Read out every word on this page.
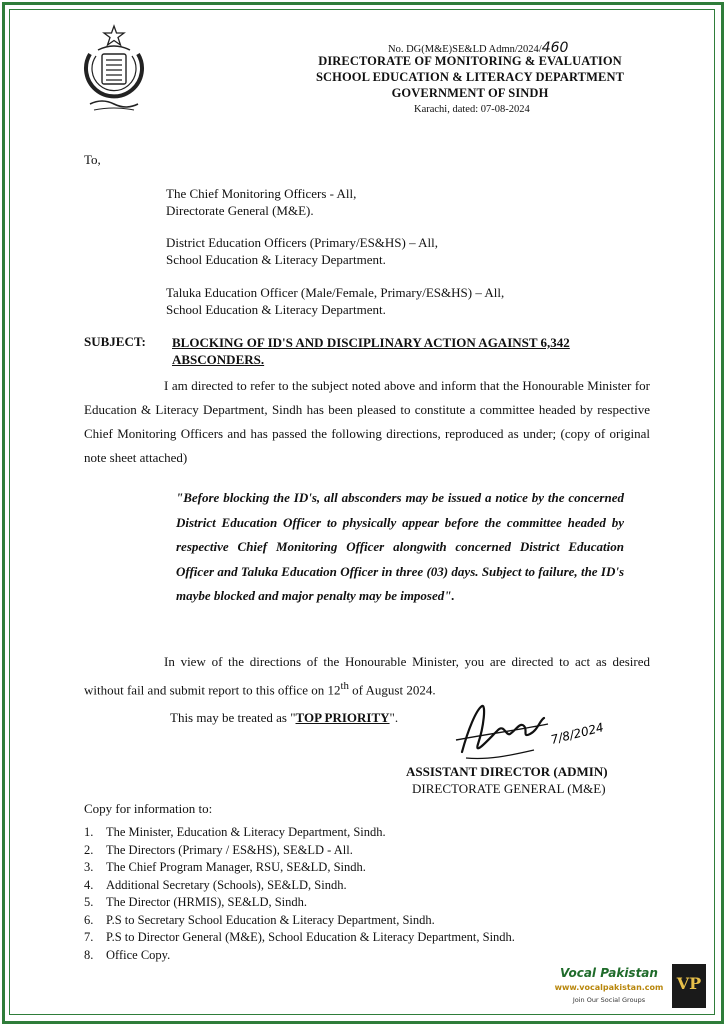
No. DG(M&E)SE&LD Admn/2024/460
DIRECTORATE OF MONITORING & EVALUATION
SCHOOL EDUCATION & LITERACY DEPARTMENT
GOVERNMENT OF SINDH
Karachi, dated: 07-08-2024
To,
The Chief Monitoring Officers - All,
Directorate General (M&E).
District Education Officers (Primary/ES&HS) – All,
School Education & Literacy Department.
Taluka Education Officer (Male/Female, Primary/ES&HS) – All,
School Education & Literacy Department.
SUBJECT: BLOCKING OF ID'S AND DISCIPLINARY ACTION AGAINST 6,342
ABSCONDERS.
I am directed to refer to the subject noted above and inform that the Honourable Minister for Education & Literacy Department, Sindh has been pleased to constitute a committee headed by respective Chief Monitoring Officers and has passed the following directions, reproduced as under; (copy of original note sheet attached)
"Before blocking the ID's, all absconders may be issued a notice by the concerned District Education Officer to physically appear before the committee headed by respective Chief Monitoring Officer alongwith concerned District Education Officer and Taluka Education Officer in three (03) days. Subject to failure, the ID's maybe blocked and major penalty may be imposed".
In view of the directions of the Honourable Minister, you are directed to act as desired without fail and submit report to this office on 12th of August 2024.
This may be treated as "TOP PRIORITY".
7/8/2024
ASSISTANT DIRECTOR (ADMIN)
DIRECTORATE GENERAL (M&E)
Copy for information to:
1.	The Minister, Education & Literacy Department, Sindh.
2.	The Directors (Primary / ES&HS), SE&LD - All.
3.	The Chief Program Manager, RSU, SE&LD, Sindh.
4.	Additional Secretary (Schools), SE&LD, Sindh.
5.	The Director (HRMIS), SE&LD, Sindh.
6.	P.S to Secretary School Education & Literacy Department, Sindh.
7.	P.S to Director General (M&E), School Education & Literacy Department, Sindh.
8.	Office Copy.
Vocal Pakistan
www.vocalpakistan.com
Join Our Social Groups
VP
